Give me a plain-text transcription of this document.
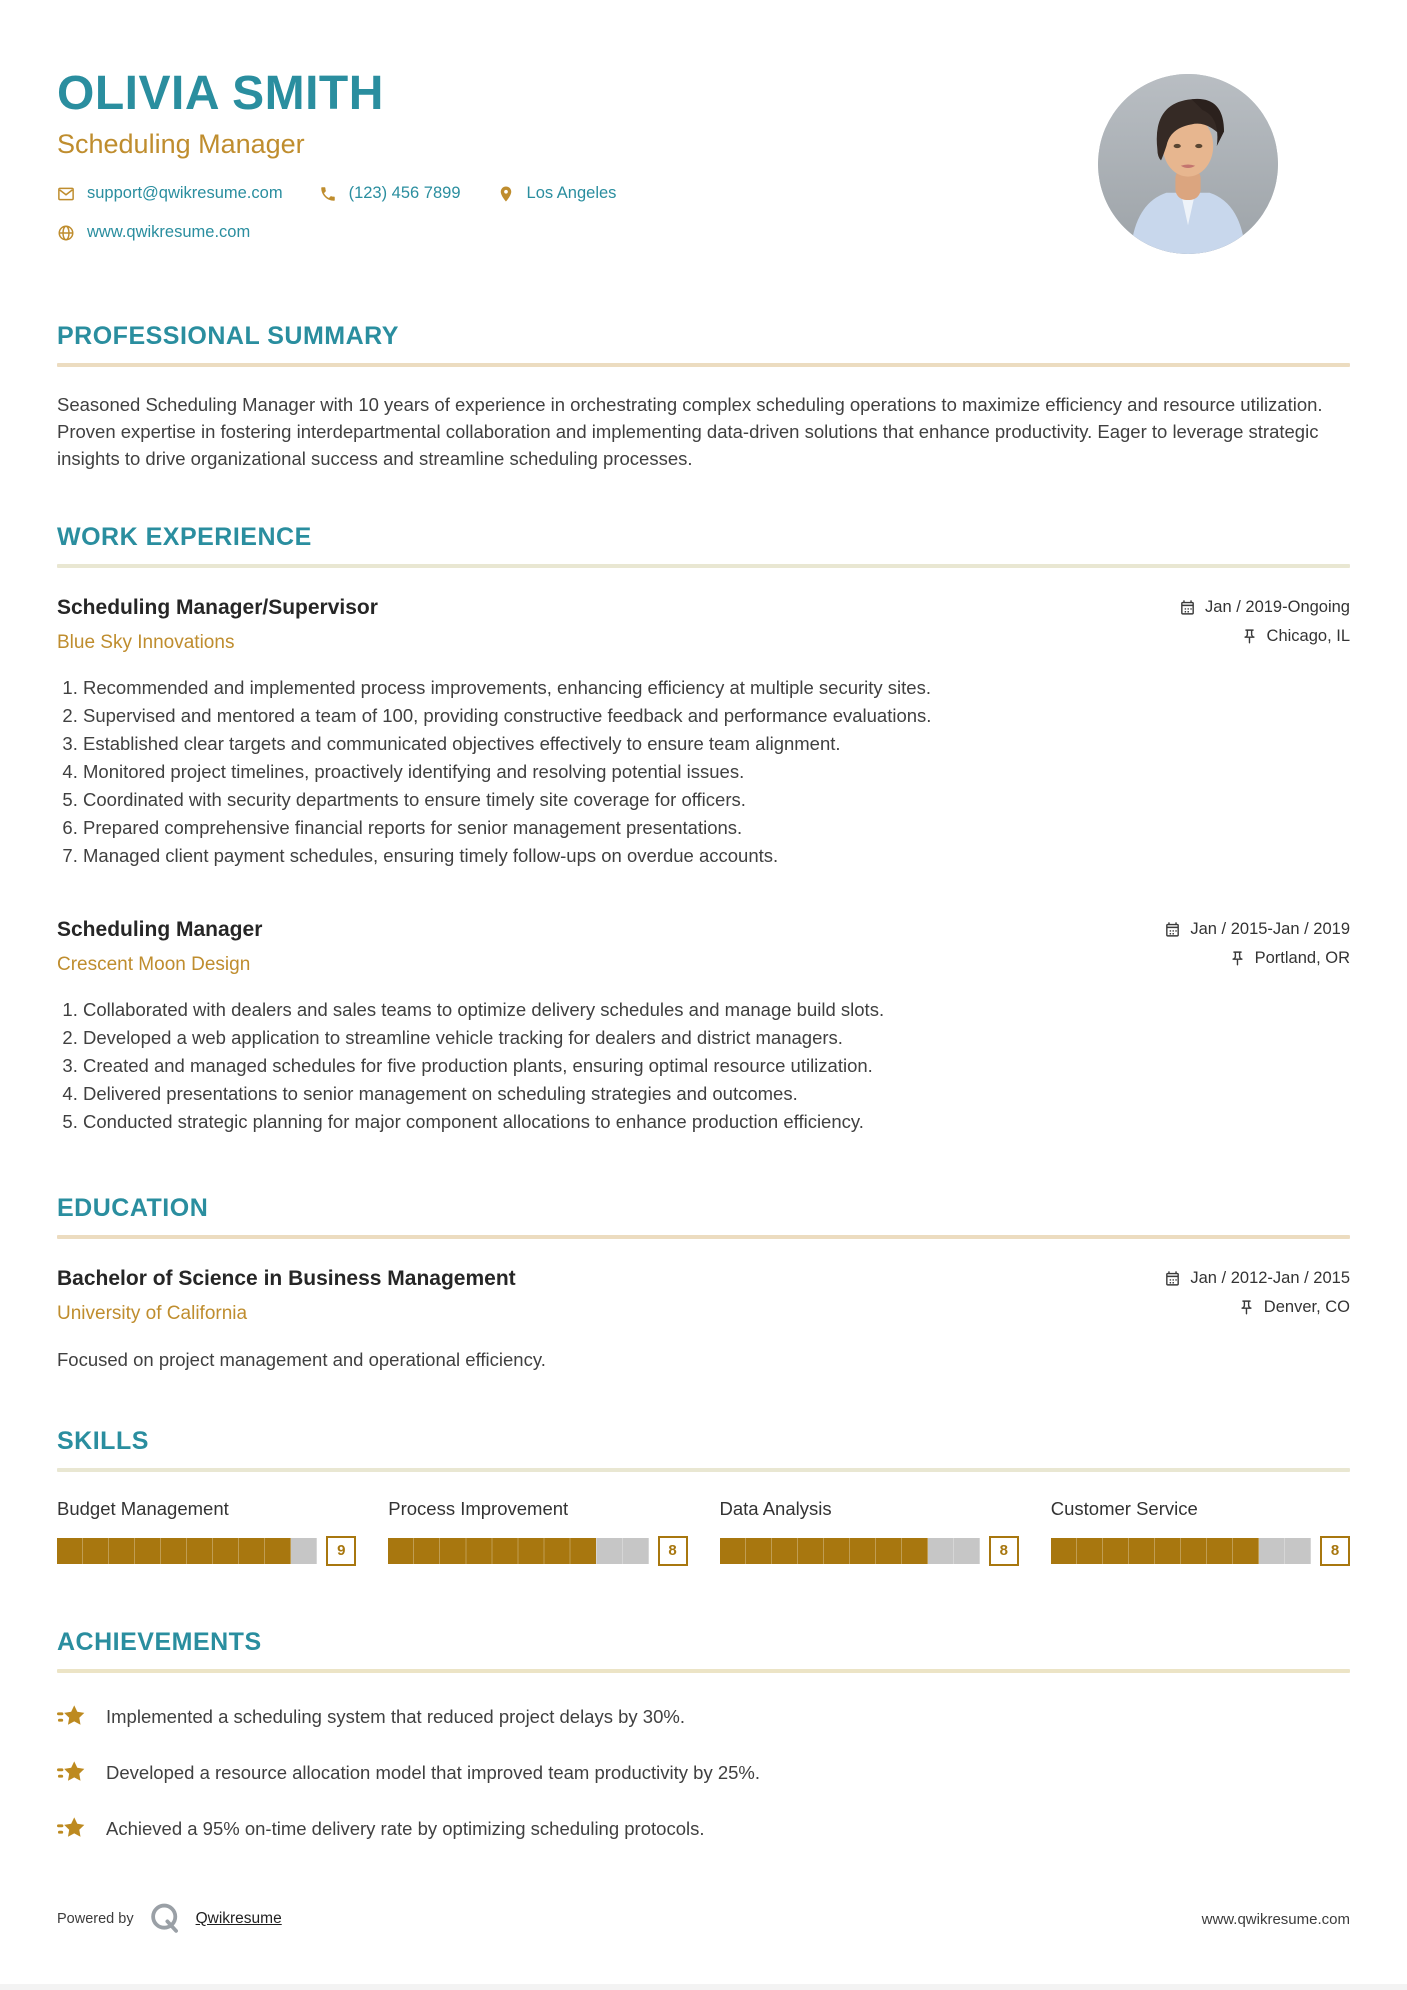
OLIVIA SMITH
Scheduling Manager
support@qwikresume.com	(123) 456 7899	Los Angeles
www.qwikresume.com
PROFESSIONAL SUMMARY

Seasoned Scheduling Manager with 10 years of experience in orchestrating complex scheduling operations to maximize efficiency and resource utilization. Proven expertise in fostering interdepartmental collaboration and implementing data-driven solutions that enhance productivity. Eager to leverage strategic insights to drive organizational success and streamline scheduling processes.

WORK EXPERIENCE
Scheduling Manager/Supervisor	Jan / 2019-Ongoing
Blue Sky Innovations	Chicago, IL
1. Recommended and implemented process improvements, enhancing efficiency at multiple security sites.
2. Supervised and mentored a team of 100, providing constructive feedback and performance evaluations.
3. Established clear targets and communicated objectives effectively to ensure team alignment.
4. Monitored project timelines, proactively identifying and resolving potential issues.
5. Coordinated with security departments to ensure timely site coverage for officers.
6. Prepared comprehensive financial reports for senior management presentations.
7. Managed client payment schedules, ensuring timely follow-ups on overdue accounts.
Scheduling Manager	Jan / 2015-Jan / 2019
Crescent Moon Design	Portland, OR
1. Collaborated with dealers and sales teams to optimize delivery schedules and manage build slots.
2. Developed a web application to streamline vehicle tracking for dealers and district managers.
3. Created and managed schedules for five production plants, ensuring optimal resource utilization.
4. Delivered presentations to senior management on scheduling strategies and outcomes.
5. Conducted strategic planning for major component allocations to enhance production efficiency.
EDUCATION
Bachelor of Science in Business Management	Jan / 2012-Jan / 2015
University of California	Denver, CO

Focused on project management and operational efficiency.

SKILLS
Budget Management
9
Process Improvement
8
Data Analysis
8
Customer Service
8
ACHIEVEMENTS
Implemented a scheduling system that reduced project delays by 30%.
Developed a resource allocation model that improved team productivity by 25%.
Achieved a 95% on-time delivery rate by optimizing scheduling protocols.
Powered by	Qwikresume	www.qwikresume.com
